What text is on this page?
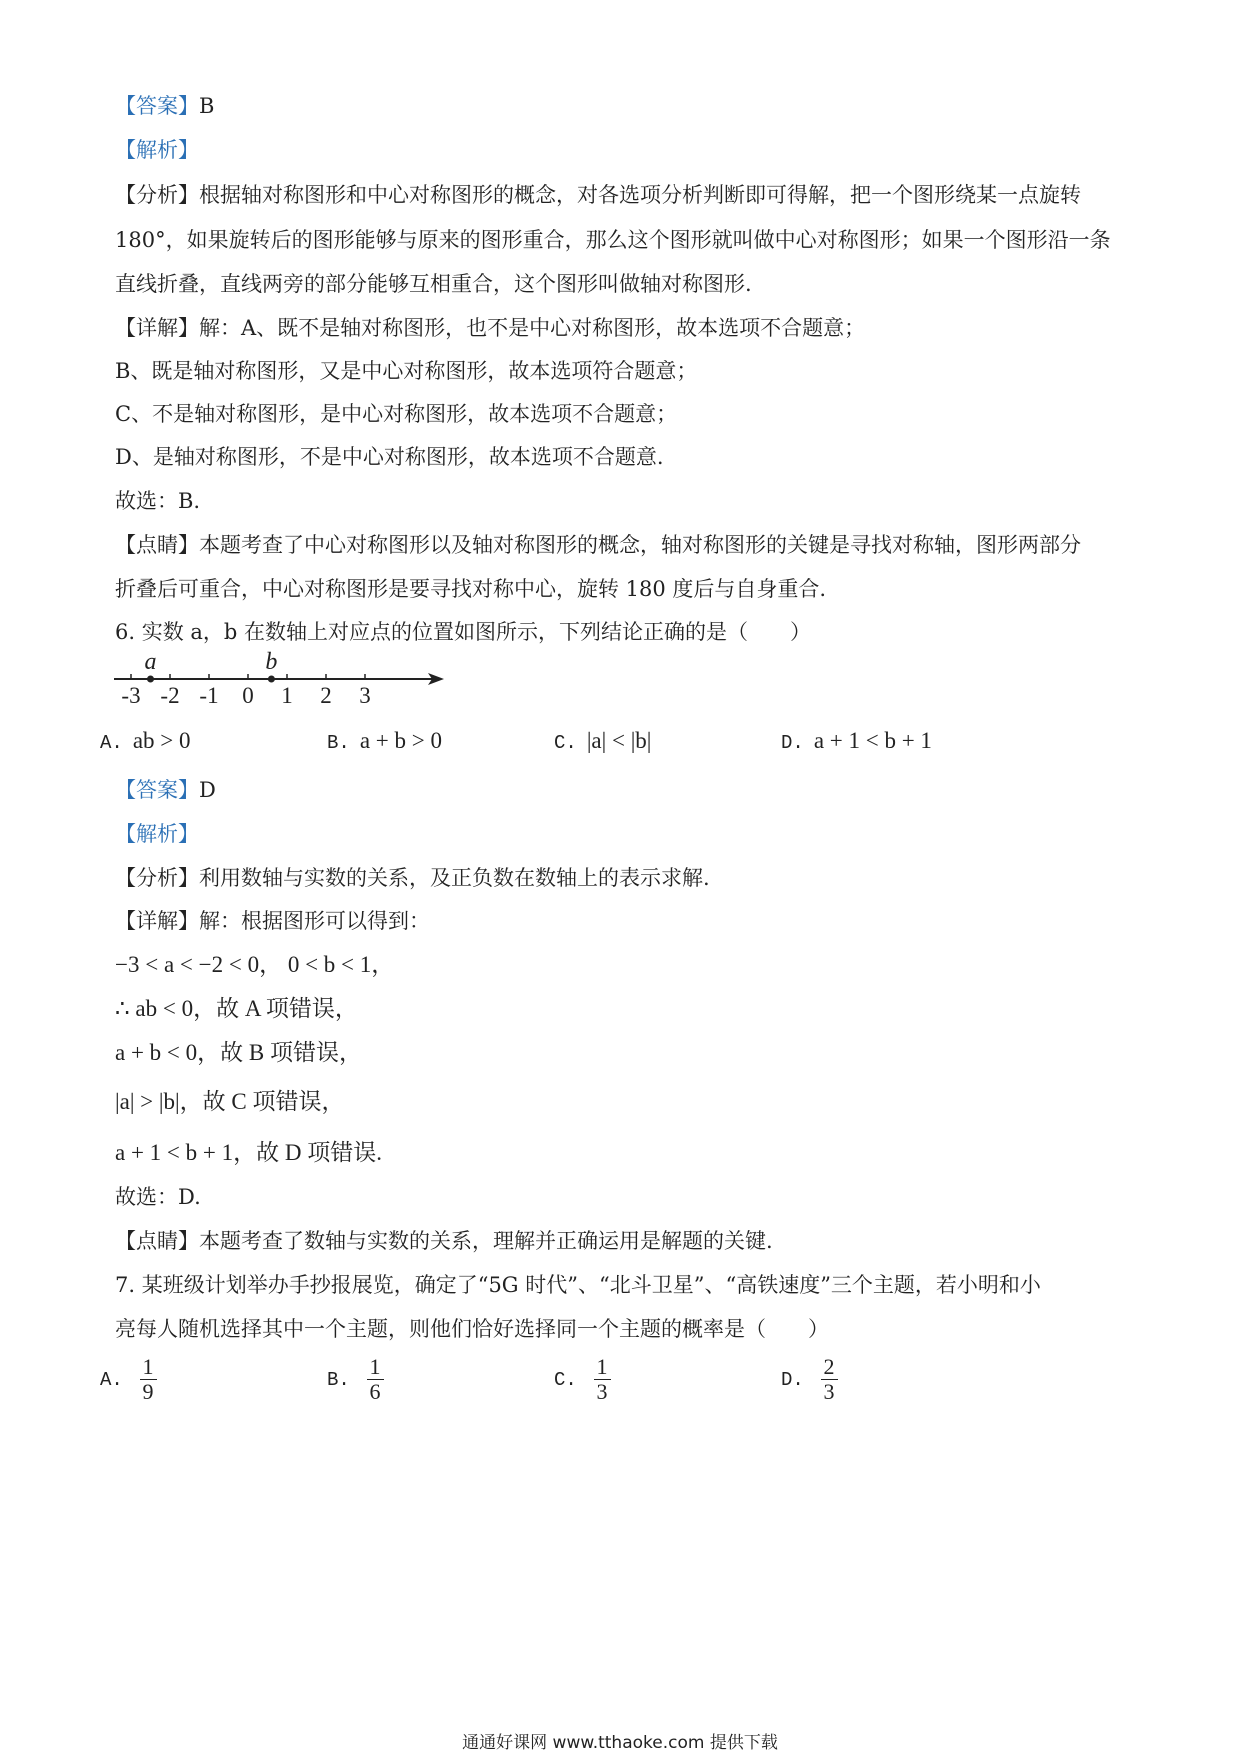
【答案】B
【解析】
【分析】根据轴对称图形和中心对称图形的概念，对各选项分析判断即可得解，把一个图形绕某一点旋转
180°，如果旋转后的图形能够与原来的图形重合，那么这个图形就叫做中心对称图形；如果一个图形沿一条
直线折叠，直线两旁的部分能够互相重合，这个图形叫做轴对称图形.
【详解】解：A、既不是轴对称图形，也不是中心对称图形，故本选项不合题意；
B、既是轴对称图形，又是中心对称图形，故本选项符合题意；
C、不是轴对称图形，是中心对称图形，故本选项不合题意；
D、是轴对称图形，不是中心对称图形，故本选项不合题意.
故选：B.
【点睛】本题考查了中心对称图形以及轴对称图形的概念，轴对称图形的关键是寻找对称轴，图形两部分
折叠后可重合，中心对称图形是要寻找对称中心，旋转 180 度后与自身重合.
6. 实数 a，b 在数轴上对应点的位置如图所示，下列结论正确的是（　　）
-3 -2 -1 0 1 2 3
a	b
A. ab > 0	B. a + b > 0	C. |a| < |b|	D. a + 1 < b + 1
【答案】D
【解析】
【分析】利用数轴与实数的关系，及正负数在数轴上的表示求解.
【详解】解：根据图形可以得到：
−3 < a < −2 < 0， 0 < b < 1，
∴ ab < 0，故 A 项错误，
a + b < 0，故 B 项错误，
|a| > |b|，故 C 项错误，
a + 1 < b + 1，故 D 项错误.
故选：D.
【点睛】本题考查了数轴与实数的关系，理解并正确运用是解题的关键.
7. 某班级计划举办手抄报展览，确定了“5G 时代”、“北斗卫星”、“高铁速度”三个主题，若小明和小
亮每人随机选择其中一个主题，则他们恰好选择同一个主题的概率是（　　）
A. $\frac{1}{9}$	B. $\frac{1}{6}$	C. $\frac{1}{3}$	D. $\frac{2}{3}$
通通好课网 www.tthaoke.com 提供下载
